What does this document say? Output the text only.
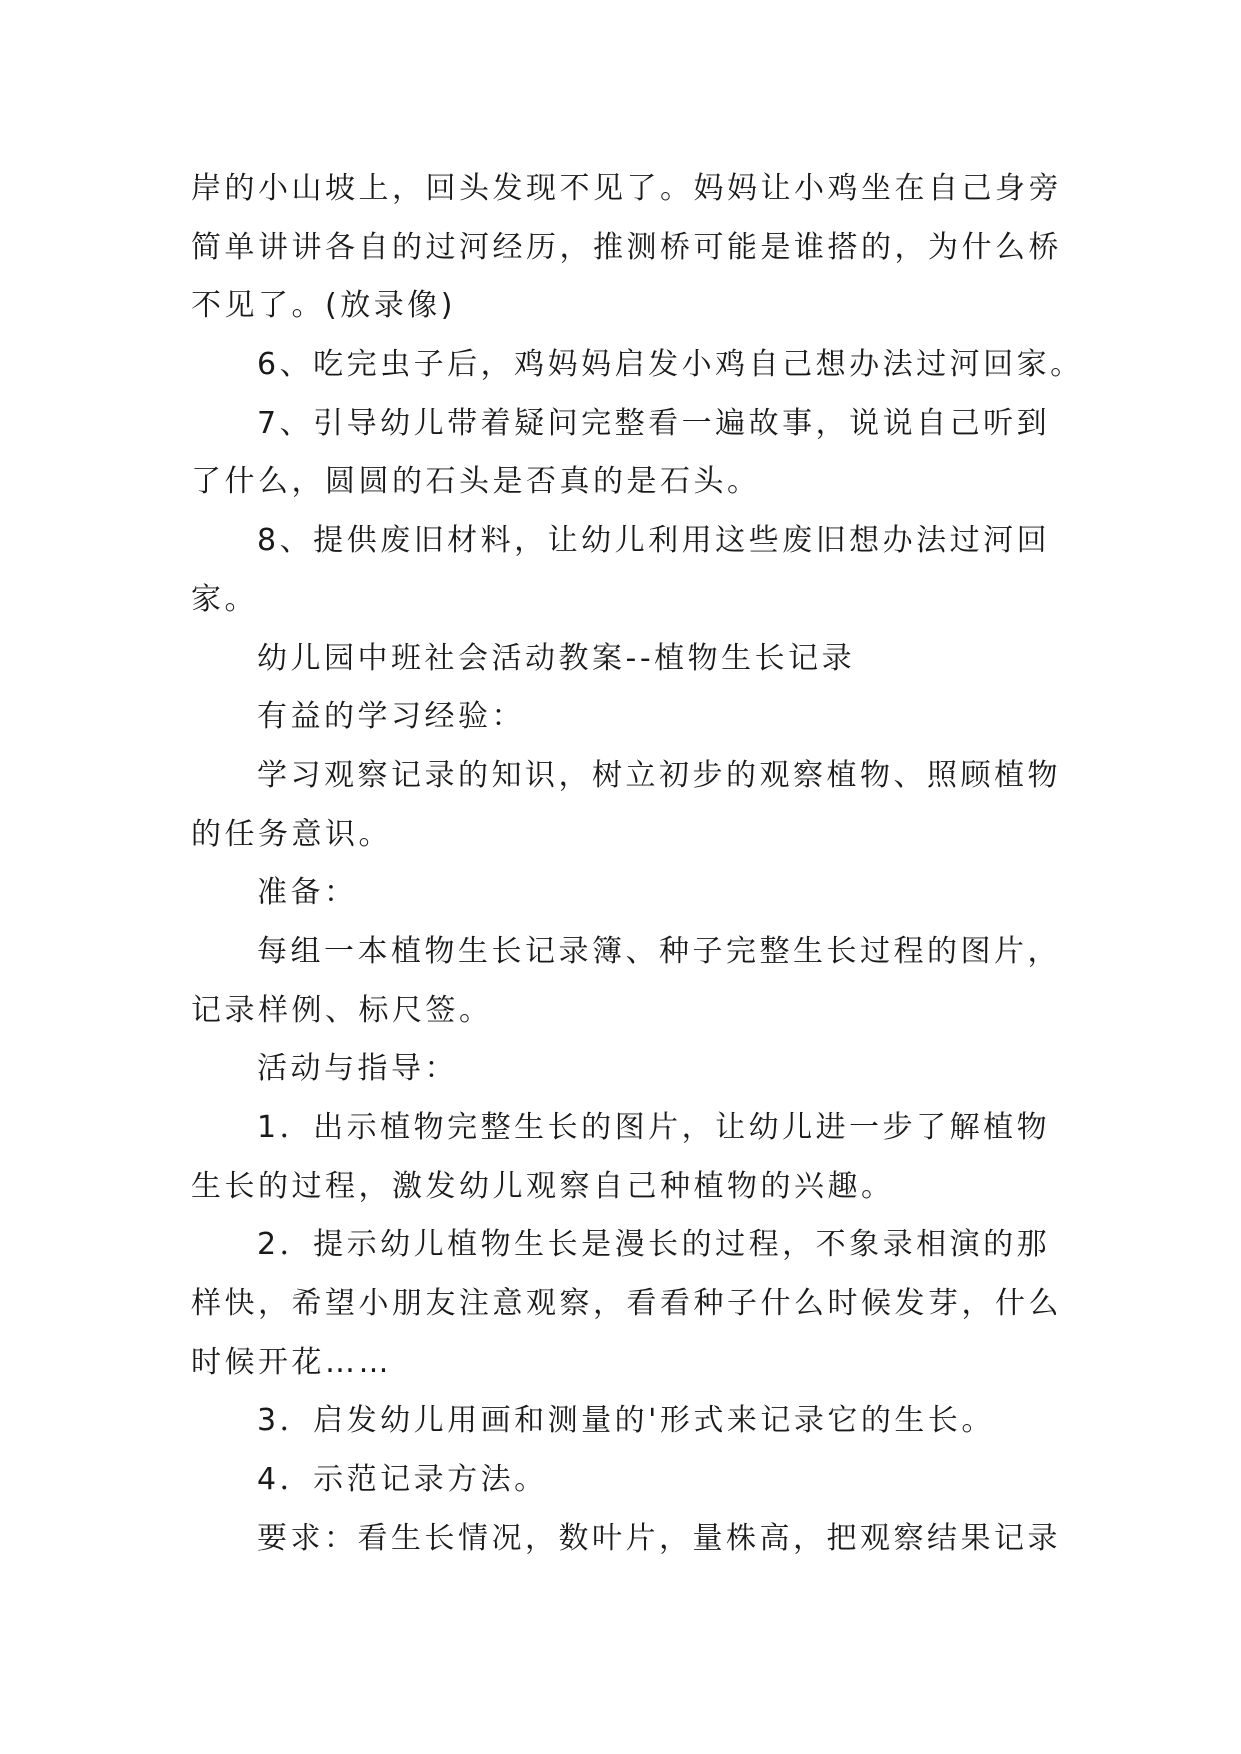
岸的小山坡上，回头发现不见了。妈妈让小鸡坐在自己身旁
简单讲讲各自的过河经历，推测桥可能是谁搭的，为什么桥
不见了。(放录像)
6、吃完虫子后，鸡妈妈启发小鸡自己想办法过河回家。
7、引导幼儿带着疑问完整看一遍故事，说说自己听到
了什么，圆圆的石头是否真的是石头。
8、提供废旧材料，让幼儿利用这些废旧想办法过河回
家。
幼儿园中班社会活动教案--植物生长记录
有益的学习经验：
学习观察记录的知识，树立初步的观察植物、照顾植物
的任务意识。
准备：
每组一本植物生长记录簿、种子完整生长过程的图片，
记录样例、标尺签。
活动与指导：
1．出示植物完整生长的图片，让幼儿进一步了解植物
生长的过程，激发幼儿观察自己种植物的兴趣。
2．提示幼儿植物生长是漫长的过程，不象录相演的那
样快，希望小朋友注意观察，看看种子什么时候发芽，什么
时候开花……
3．启发幼儿用画和测量的'形式来记录它的生长。
4．示范记录方法。
要求：看生长情况，数叶片，量株高，把观察结果记录
